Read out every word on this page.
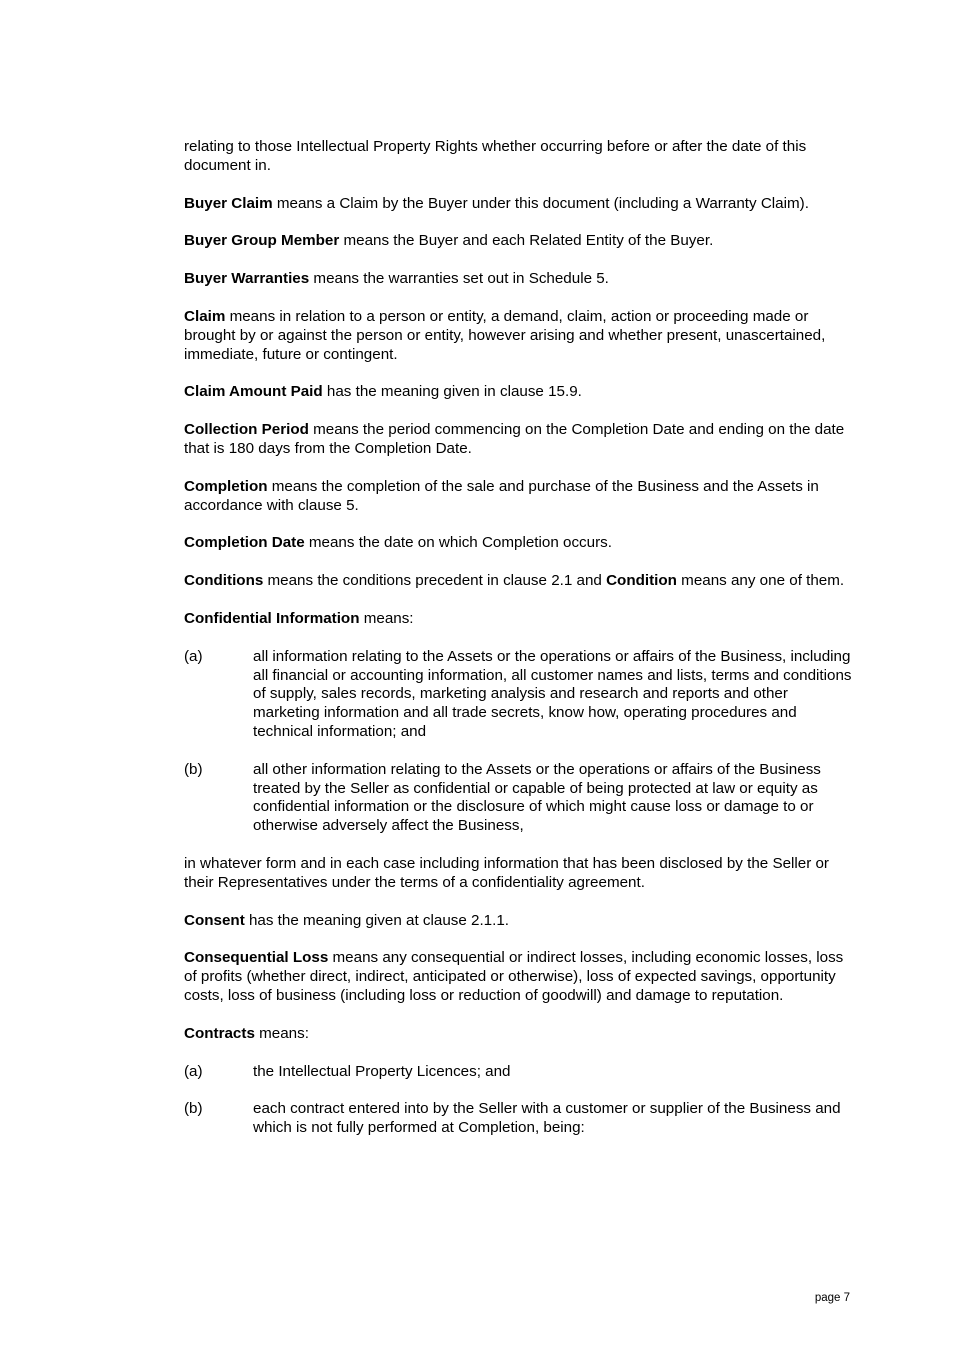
relating to those Intellectual Property Rights whether occurring before or after the date of this document in.

Buyer Claim means a Claim by the Buyer under this document (including a Warranty Claim).

Buyer Group Member means the Buyer and each Related Entity of the Buyer.

Buyer Warranties means the warranties set out in Schedule 5.

Claim means in relation to a person or entity, a demand, claim, action or proceeding made or brought by or against the person or entity, however arising and whether present, unascertained, immediate, future or contingent.

Claim Amount Paid has the meaning given in clause 15.9.

Collection Period means the period commencing on the Completion Date and ending on the date that is 180 days from the Completion Date.

Completion means the completion of the sale and purchase of the Business and the Assets in accordance with clause 5.

Completion Date means the date on which Completion occurs.

Conditions means the conditions precedent in clause 2.1 and Condition means any one of them.

Confidential Information means:

(a)	all information relating to the Assets or the operations or affairs of the Business, including all financial or accounting information, all customer names and lists, terms and conditions of supply, sales records, marketing analysis and research and reports and other marketing information and all trade secrets, know how, operating procedures and technical information; and
(b)	all other information relating to the Assets or the operations or affairs of the Business treated by the Seller as confidential or capable of being protected at law or equity as confidential information or the disclosure of which might cause loss or damage to or otherwise adversely affect the Business,

in whatever form and in each case including information that has been disclosed by the Seller or their Representatives under the terms of a confidentiality agreement.

Consent has the meaning given at clause 2.1.1.

Consequential Loss means any consequential or indirect losses, including economic losses, loss of profits (whether direct, indirect, anticipated or otherwise), loss of expected savings, opportunity costs, loss of business (including loss or reduction of goodwill) and damage to reputation.

Contracts means:

(a)	the Intellectual Property Licences; and
(b)	each contract entered into by the Seller with a customer or supplier of the Business and which is not fully performed at Completion, being:
page 7
